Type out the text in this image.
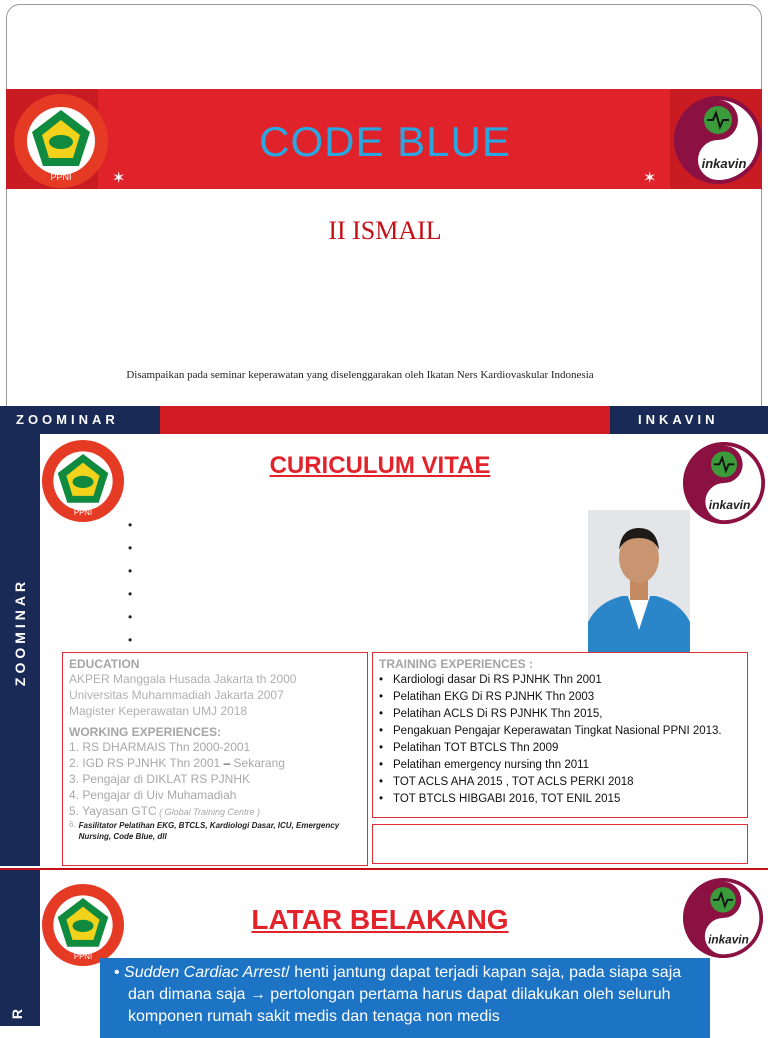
PPNI
inkavin
CODE BLUE
✶	✶
II ISMAIL
Disampaikan pada seminar keperawatan yang diselenggarakan oleh Ikatan Ners Kardiovaskular Indonesia
ZOOMINAR	INKAVIN
ZOOMINAR
PPNI
inkavin
CURICULUM VITAE
•
•
•
•
•
•
EDUCATION
AKPER Manggala Husada Jakarta th 2000
Universitas Muhammadiah Jakarta 2007
Magister Keperawatan UMJ 2018
WORKING EXPERIENCES:
1. RS DHARMAIS Thn 2000-2001
2. IGD RS PJNHK Thn 2001 – Sekarang
3. Pengajar di DIKLAT RS PJNHK
4. Pengajar di Uiv Muhamadiah
5. Yayasan GTC ( Global Training Centre )
6. Fasilitator Pelatihan EKG, BTCLS, Kardiologi Dasar, ICU, Emergency Nursing, Code Blue, dll
TRAINING EXPERIENCES :
• Kardiologi dasar Di RS PJNHK Thn 2001
• Pelatihan EKG Di RS PJNHK Thn 2003
• Pelatihan ACLS Di RS PJNHK Thn 2015,
• Pengakuan Pengajar Keperawatan Tingkat Nasional PPNI 2013.
• Pelatihan TOT BTCLS Thn 2009
• Pelatihan emergency nursing thn 2011
• TOT ACLS AHA 2015 , TOT ACLS PERKI 2018
• TOT BTCLS HIBGABI 2016, TOT ENIL 2015
R
PPNI
inkavin
LATAR BELAKANG
• Sudden Cardiac Arrest/ henti jantung dapat terjadi kapan saja, pada siapa saja dan dimana saja → pertolongan pertama harus dapat dilakukan oleh seluruh komponen rumah sakit medis dan tenaga non medis
